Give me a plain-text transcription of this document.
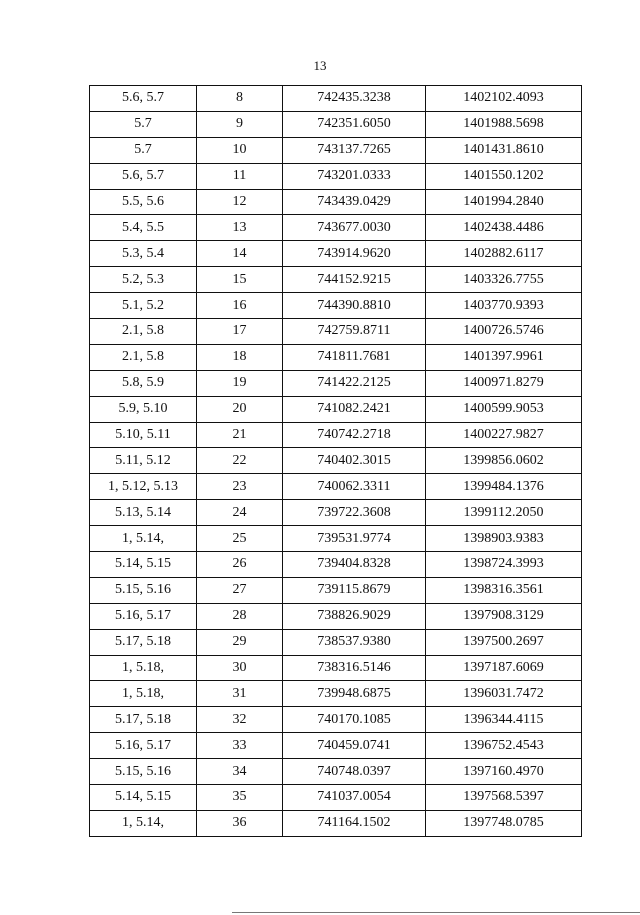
13
5.6, 5.7	8	742435.3238	1402102.4093
5.7	9	742351.6050	1401988.5698
5.7	10	743137.7265	1401431.8610
5.6, 5.7	11	743201.0333	1401550.1202
5.5, 5.6	12	743439.0429	1401994.2840
5.4, 5.5	13	743677.0030	1402438.4486
5.3, 5.4	14	743914.9620	1402882.6117
5.2, 5.3	15	744152.9215	1403326.7755
5.1, 5.2	16	744390.8810	1403770.9393
2.1, 5.8	17	742759.8711	1400726.5746
2.1, 5.8	18	741811.7681	1401397.9961
5.8, 5.9	19	741422.2125	1400971.8279
5.9, 5.10	20	741082.2421	1400599.9053
5.10, 5.11	21	740742.2718	1400227.9827
5.11, 5.12	22	740402.3015	1399856.0602
1, 5.12, 5.13	23	740062.3311	1399484.1376
5.13, 5.14	24	739722.3608	1399112.2050
1, 5.14,	25	739531.9774	1398903.9383
5.14, 5.15	26	739404.8328	1398724.3993
5.15, 5.16	27	739115.8679	1398316.3561
5.16, 5.17	28	738826.9029	1397908.3129
5.17, 5.18	29	738537.9380	1397500.2697
1, 5.18,	30	738316.5146	1397187.6069
1, 5.18,	31	739948.6875	1396031.7472
5.17, 5.18	32	740170.1085	1396344.4115
5.16, 5.17	33	740459.0741	1396752.4543
5.15, 5.16	34	740748.0397	1397160.4970
5.14, 5.15	35	741037.0054	1397568.5397
1, 5.14,	36	741164.1502	1397748.0785
